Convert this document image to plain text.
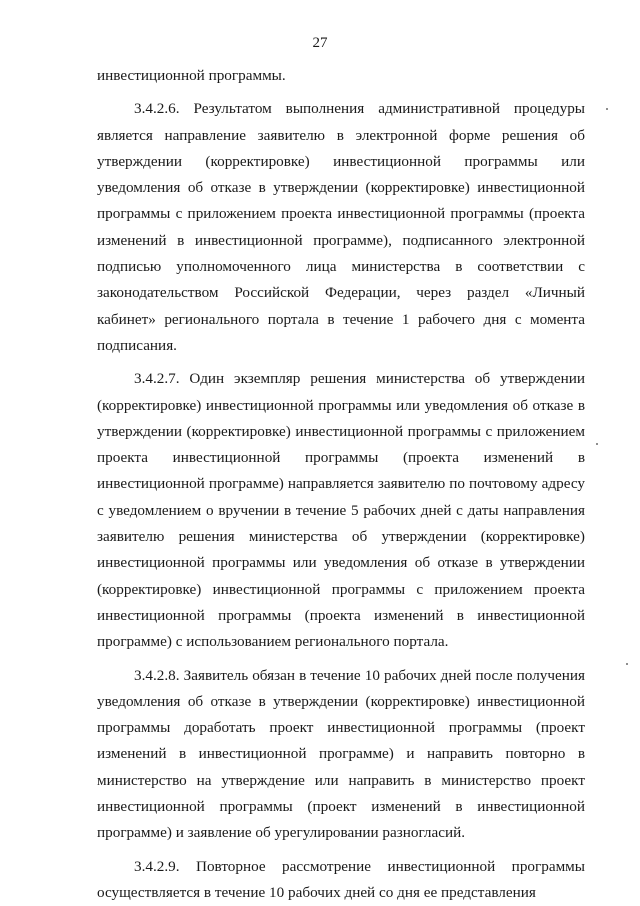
27

инвестиционной программы.

3.4.2.6. Результатом выполнения административной процедуры является направление заявителю в электронной форме решения об утверждении (корректировке) инвестиционной программы или уведомления об отказе в утверждении (корректировке) инвестиционной программы с приложением проекта инвестиционной программы (проекта изменений в инвестиционной программе), подписанного электронной подписью уполномоченного лица министерства в соответствии с законодательством Российской Федерации, через раздел «Личный кабинет» регионального портала в течение 1 рабочего дня с момента подписания.

3.4.2.7. Один экземпляр решения министерства об утверждении (корректировке) инвестиционной программы или уведомления об отказе в утверждении (корректировке) инвестиционной программы с приложением проекта инвестиционной программы (проекта изменений в инвестиционной программе) направляется заявителю по почтовому адресу с уведомлением о вручении в течение 5 рабочих дней с даты направления заявителю решения министерства об утверждении (корректировке) инвестиционной программы или уведомления об отказе в утверждении (корректировке) инвестиционной программы с приложением проекта инвестиционной программы (проекта изменений в инвестиционной программе) с использованием регионального портала.

3.4.2.8. Заявитель обязан в течение 10 рабочих дней после получения уведомления об отказе в утверждении (корректировке) инвестиционной программы доработать проект инвестиционной программы (проект изменений в инвестиционной программе) и направить повторно в министерство на утверждение или направить в министерство проект инвестиционной программы (проект изменений в инвестиционной программе) и заявление об урегулировании разногласий.

3.4.2.9. Повторное рассмотрение инвестиционной программы осуществляется в течение 10 рабочих дней со дня ее представления
